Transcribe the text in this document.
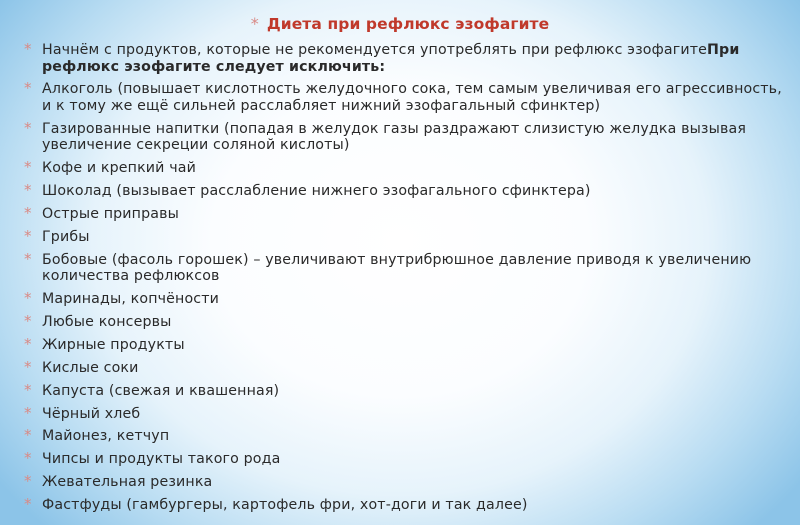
* Диета при рефлюкс эзофагите
* Начнём с продуктов, которые не рекомендуется употреблять при рефлюкс эзофагитеПри рефлюкс эзофагите следует исключить:
* Алкоголь (повышает кислотность желудочного сока, тем самым увеличивая его агрессивность, и к тому же ещё сильней расслабляет нижний эзофагальный сфинктер)
* Газированные напитки (попадая в желудок газы раздражают слизистую желудка вызывая увеличение секреции соляной кислоты)
* Кофе и крепкий чай
* Шоколад (вызывает расслабление нижнего эзофагального сфинктера)
* Острые приправы
* Грибы
* Бобовые (фасоль горошек) – увеличивают внутрибрюшное давление приводя к увеличению количества рефлюксов
* Маринады, копчёности
* Любые консервы
* Жирные продукты
* Кислые соки
* Капуста (свежая и квашенная)
* Чёрный хлеб
* Майонез, кетчуп
* Чипсы и продукты такого рода
* Жевательная резинка
* Фастфуды (гамбургеры, картофель фри, хот-доги и так далее)
